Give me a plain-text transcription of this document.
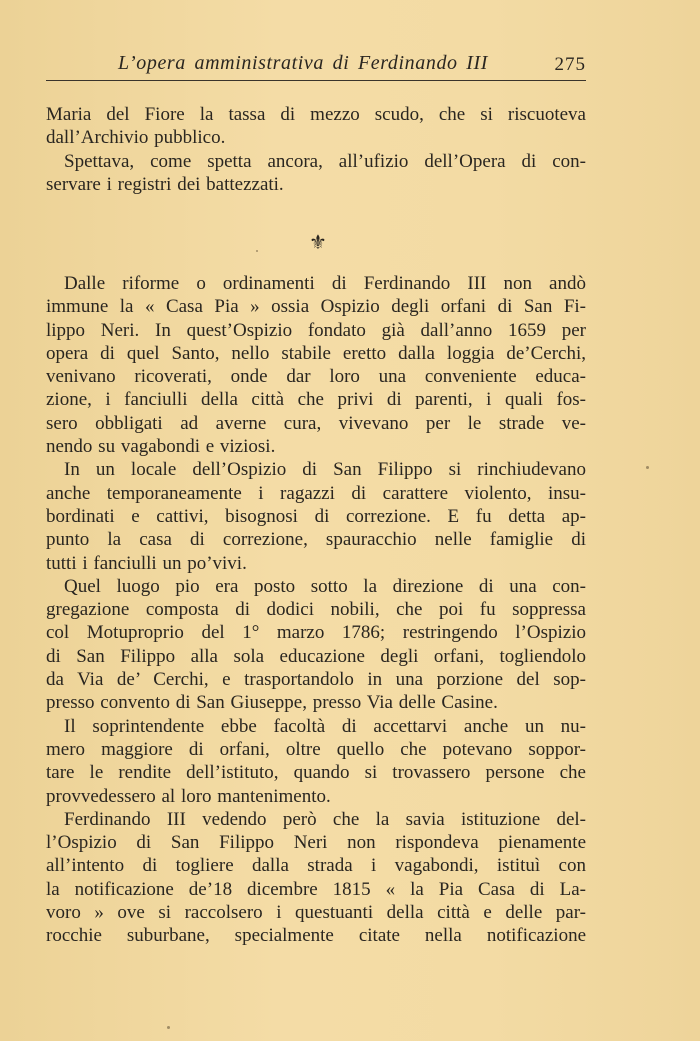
L’opera amministrativa di Ferdinando III	275
Maria del Fiore la tassa di mezzo scudo, che si riscuoteva
dall’Archivio pubblico.
Spettava, come spetta ancora, all’ufizio dell’Opera di con-
servare i registri dei battezzati.
⚜
Dalle riforme o ordinamenti di Ferdinando III non andò
immune la « Casa Pia » ossia Ospizio degli orfani di San Fi-
lippo Neri. In quest’Ospizio fondato già dall’anno 1659 per
opera di quel Santo, nello stabile eretto dalla loggia de’Cerchi,
venivano ricoverati, onde dar loro una conveniente educa-
zione, i fanciulli della città che privi di parenti, i quali fos-
sero obbligati ad averne cura, vivevano per le strade ve-
nendo su vagabondi e viziosi.
In un locale dell’Ospizio di San Filippo si rinchiudevano
anche temporaneamente i ragazzi di carattere violento, insu-
bordinati e cattivi, bisognosi di correzione. E fu detta ap-
punto la casa di correzione, spauracchio nelle famiglie di
tutti i fanciulli un po’vivi.
Quel luogo pio era posto sotto la direzione di una con-
gregazione composta di dodici nobili, che poi fu soppressa
col Motuproprio del 1° marzo 1786; restringendo l’Ospizio
di San Filippo alla sola educazione degli orfani, togliendolo
da Via de’ Cerchi, e trasportandolo in una porzione del sop-
presso convento di San Giuseppe, presso Via delle Casine.
Il soprintendente ebbe facoltà di accettarvi anche un nu-
mero maggiore di orfani, oltre quello che potevano soppor-
tare le rendite dell’istituto, quando si trovassero persone che
provvedessero al loro mantenimento.
Ferdinando III vedendo però che la savia istituzione del-
l’Ospizio di San Filippo Neri non rispondeva pienamente
all’intento di togliere dalla strada i vagabondi, istituì con
la notificazione de’18 dicembre 1815 « la Pia Casa di La-
voro » ove si raccolsero i questuanti della città e delle par-
rocchie suburbane, specialmente citate nella notificazione
